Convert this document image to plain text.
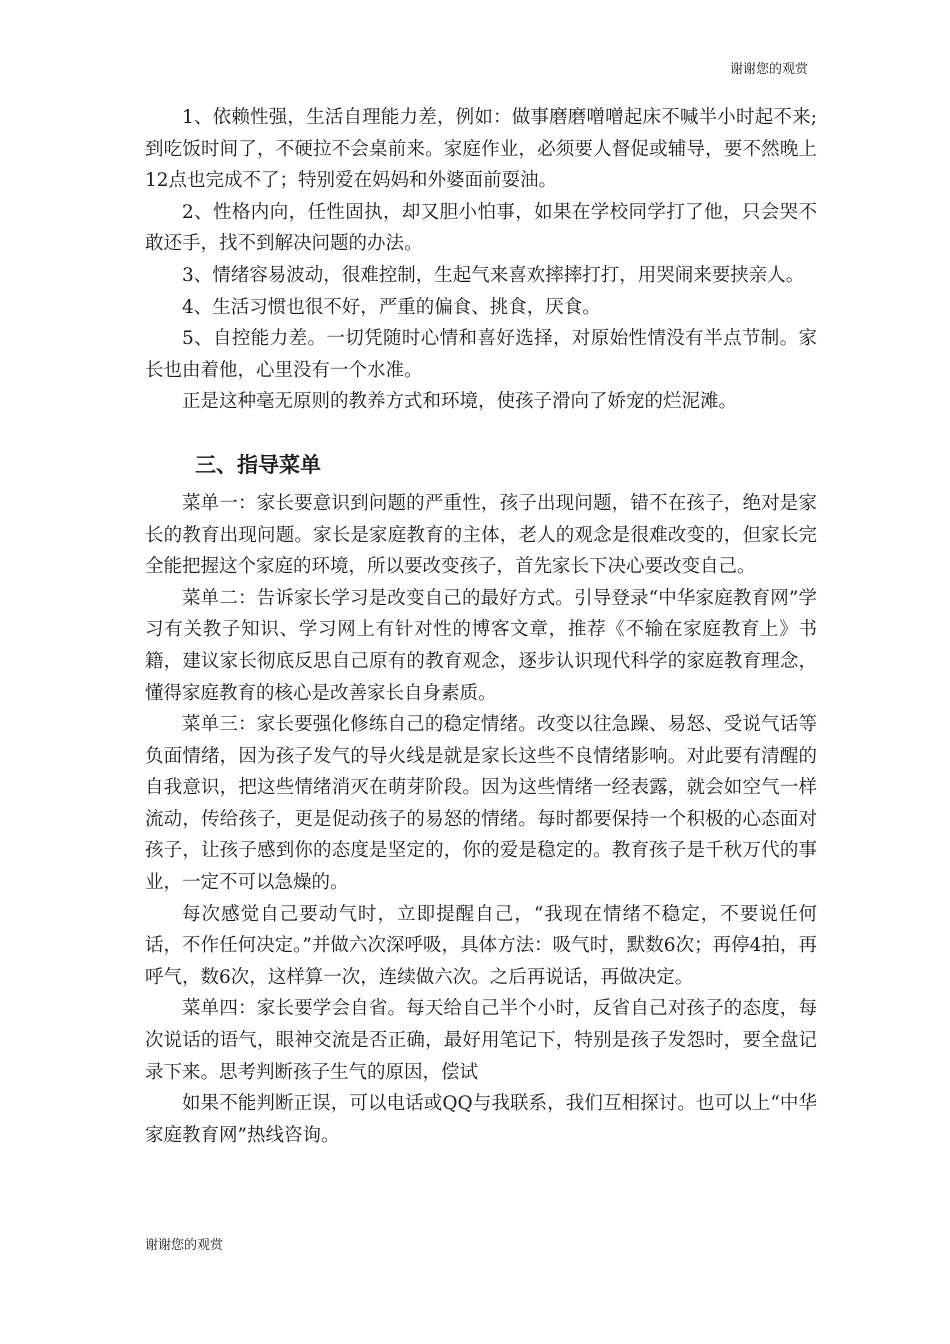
谢谢您的观赏

1、依赖性强，生活自理能力差，例如：做事磨磨噌噌起床不喊半小时起不来;到吃饭时间了，不硬拉不会桌前来。家庭作业，必须要人督促或辅导，要不然晚上12点也完成不了；特别爱在妈妈和外婆面前耍油。

2、性格内向，任性固执，却又胆小怕事，如果在学校同学打了他，只会哭不敢还手，找不到解决问题的办法。

3、情绪容易波动，很难控制，生起气来喜欢摔摔打打，用哭闹来要挟亲人。

4、生活习惯也很不好，严重的偏食、挑食，厌食。

5、自控能力差。一切凭随时心情和喜好选择，对原始性情没有半点节制。家长也由着他，心里没有一个水准。

正是这种毫无原则的教养方式和环境，使孩子滑向了娇宠的烂泥滩。

三、指导菜单

菜单一：家长要意识到问题的严重性，孩子出现问题，错不在孩子，绝对是家长的教育出现问题。家长是家庭教育的主体，老人的观念是很难改变的，但家长完全能把握这个家庭的环境，所以要改变孩子，首先家长下决心要改变自己。

菜单二：告诉家长学习是改变自己的最好方式。引导登录“中华家庭教育网”学习有关教子知识、学习网上有针对性的博客文章，推荐《不输在家庭教育上》书籍，建议家长彻底反思自己原有的教育观念，逐步认识现代科学的家庭教育理念，懂得家庭教育的核心是改善家长自身素质。

菜单三：家长要强化修练自己的稳定情绪。改变以往急躁、易怒、受说气话等负面情绪，因为孩子发气的导火线是就是家长这些不良情绪影响。对此要有清醒的自我意识，把这些情绪消灭在萌芽阶段。因为这些情绪一经表露，就会如空气一样流动，传给孩子，更是促动孩子的易怒的情绪。每时都要保持一个积极的心态面对孩子，让孩子感到你的态度是坚定的，你的爱是稳定的。教育孩子是千秋万代的事业，一定不可以急燥的。

每次感觉自己要动气时，立即提醒自己，“我现在情绪不稳定，不要说任何话，不作任何决定。”并做六次深呼吸，具体方法：吸气时，默数6次；再停4拍，再呼气，数6次，这样算一次，连续做六次。之后再说话，再做决定。

菜单四：家长要学会自省。每天给自己半个小时，反省自己对孩子的态度，每次说话的语气，眼神交流是否正确，最好用笔记下，特别是孩子发怨时，要全盘记录下来。思考判断孩子生气的原因，偿试

如果不能判断正误，可以电话或QQ与我联系，我们互相探讨。也可以上“中华家庭教育网”热线咨询。

谢谢您的观赏
